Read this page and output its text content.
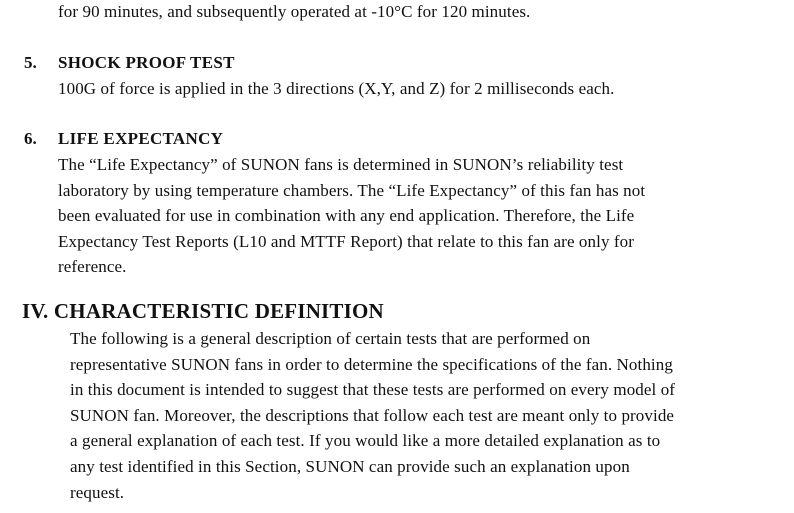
for 90 minutes, and subsequently operated at -10°C for 120 minutes.
5. SHOCK PROOF TEST
100G of force is applied in the 3 directions (X,Y, and Z) for 2 milliseconds each.
6. LIFE EXPECTANCY
The “Life Expectancy” of SUNON fans is determined in SUNON’s reliability test
laboratory by using temperature chambers. The “Life Expectancy” of this fan has not
been evaluated for use in combination with any end application. Therefore, the Life
Expectancy Test Reports (L10 and MTTF Report) that relate to this fan are only for
reference.
IV. CHARACTERISTIC DEFINITION
The following is a general description of certain tests that are performed on
representative SUNON fans in order to determine the specifications of the fan. Nothing
in this document is intended to suggest that these tests are performed on every model of
SUNON fan. Moreover, the descriptions that follow each test are meant only to provide
a general explanation of each test. If you would like a more detailed explanation as to
any test identified in this Section, SUNON can provide such an explanation upon
request.
